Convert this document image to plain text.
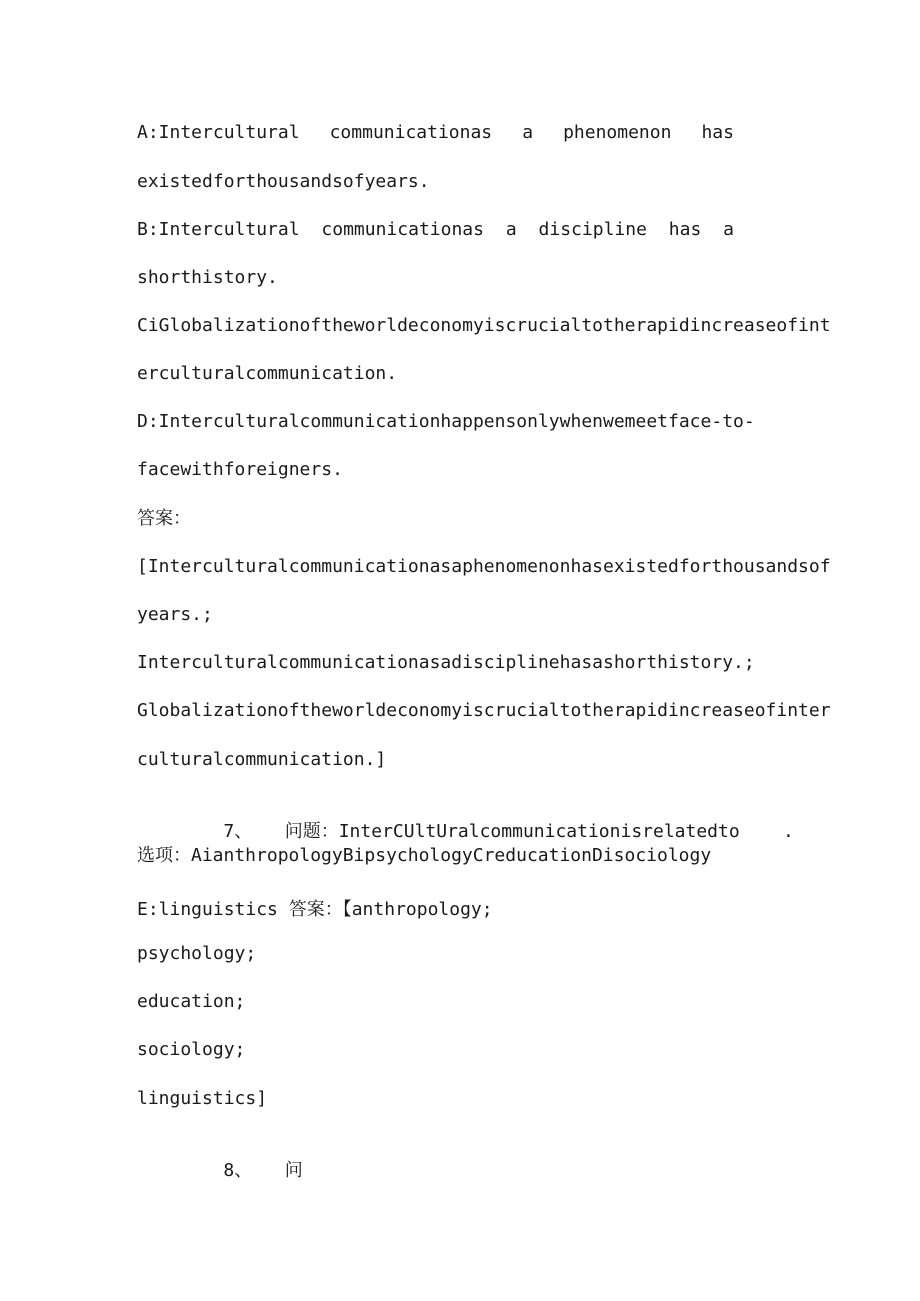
A:Intercultural communicationas a phenomenon has
existedforthousandsofyears.
B:Intercultural communicationas a discipline has a
shorthistory.
CiGlobalizationoftheworldeconomyiscrucialtotherapidincreaseofint
erculturalcommunication.
D:Interculturalcommunicationhappensonlywhenwemeetface-to-
facewithforeigners.
答案：
[Interculturalcommunicationasaphenomenonhasexistedforthousandsof
years.;
Interculturalcommunicationasadisciplinehasashorthistory.;
Globalizationoftheworldeconomyiscrucialtotherapidincreaseofinter
culturalcommunication.]

7、 问题：InterCUltUralcommunicationisrelatedto .

选项：AianthropologyBipsychologyCreducationDisociology
E:linguistics 答案：【anthropology;
psychology;
education;
sociology;
linguistics]

8、 问
